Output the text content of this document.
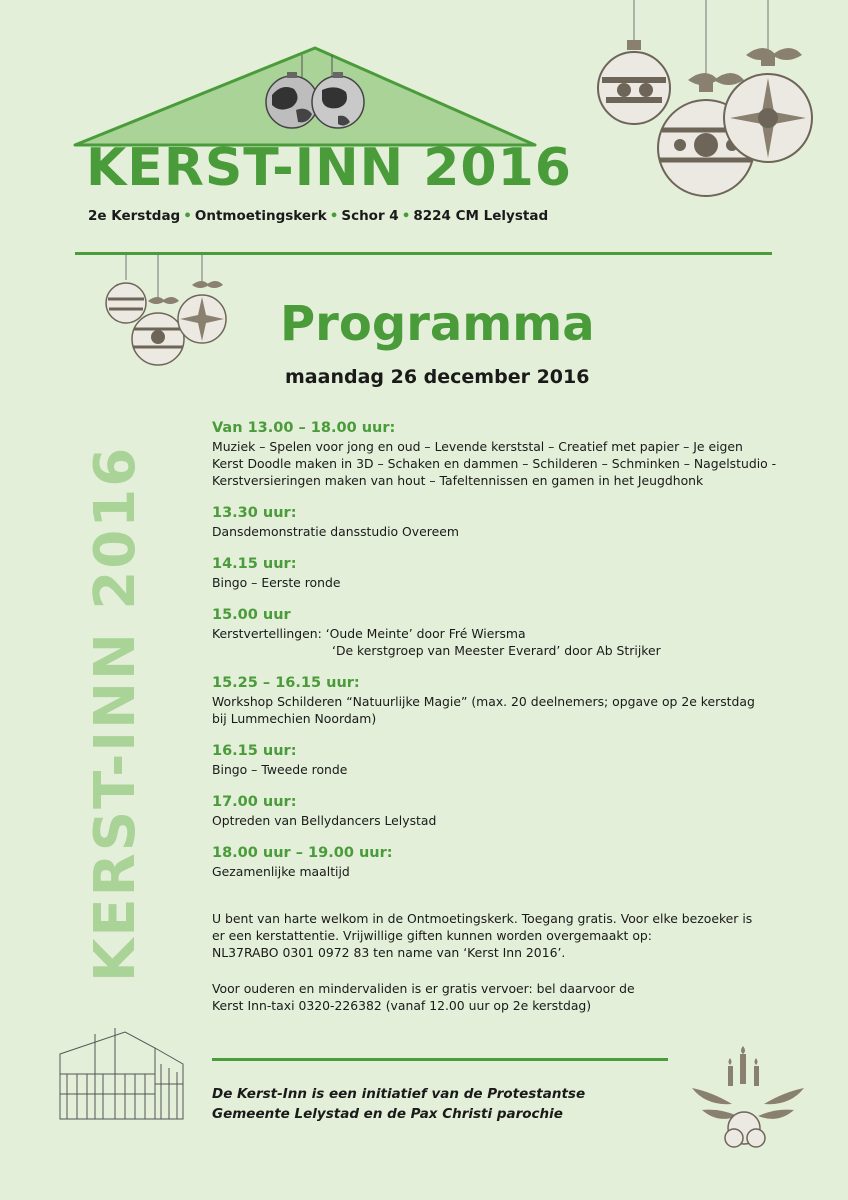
KERST-INN 2016
2e Kerstdag • Ontmoetingskerk • Schor 4 • 8224 CM Lelystad
Programma
maandag 26 december 2016
KERST-INN 2016
Van 13.00 – 18.00 uur:
Muziek – Spelen voor jong en oud – Levende kerststal – Creatief met papier – Je eigen
Kerst Doodle maken in 3D – Schaken en dammen – Schilderen – Schminken – Nagelstudio -
Kerstversieringen maken van hout – Tafeltennissen en gamen in het Jeugdhonk
13.30 uur:
Dansdemonstratie dansstudio Overeem
14.15 uur:
Bingo – Eerste ronde
15.00 uur
Kerstvertellingen: ‘Oude Meinte’ door Fré Wiersma
‘De kerstgroep van Meester Everard’ door Ab Strijker
15.25 – 16.15 uur:
Workshop Schilderen “Natuurlijke Magie” (max. 20 deelnemers; opgave op 2e kerstdag
bij Lummechien Noordam)
16.15 uur:
Bingo – Tweede ronde
17.00 uur:
Optreden van Bellydancers Lelystad
18.00 uur – 19.00 uur:
Gezamenlijke maaltijd
U bent van harte welkom in de Ontmoetingskerk. Toegang gratis. Voor elke bezoeker is
er een kerstattentie. Vrijwillige giften kunnen worden overgemaakt op:
NL37RABO 0301 0972 83 ten name van ‘Kerst Inn 2016’.
Voor ouderen en mindervaliden is er gratis vervoer: bel daarvoor de
Kerst Inn-taxi 0320-226382 (vanaf 12.00 uur op 2e kerstdag)
De Kerst-Inn is een initiatief van de Protestantse
Gemeente Lelystad en de Pax Christi parochie
